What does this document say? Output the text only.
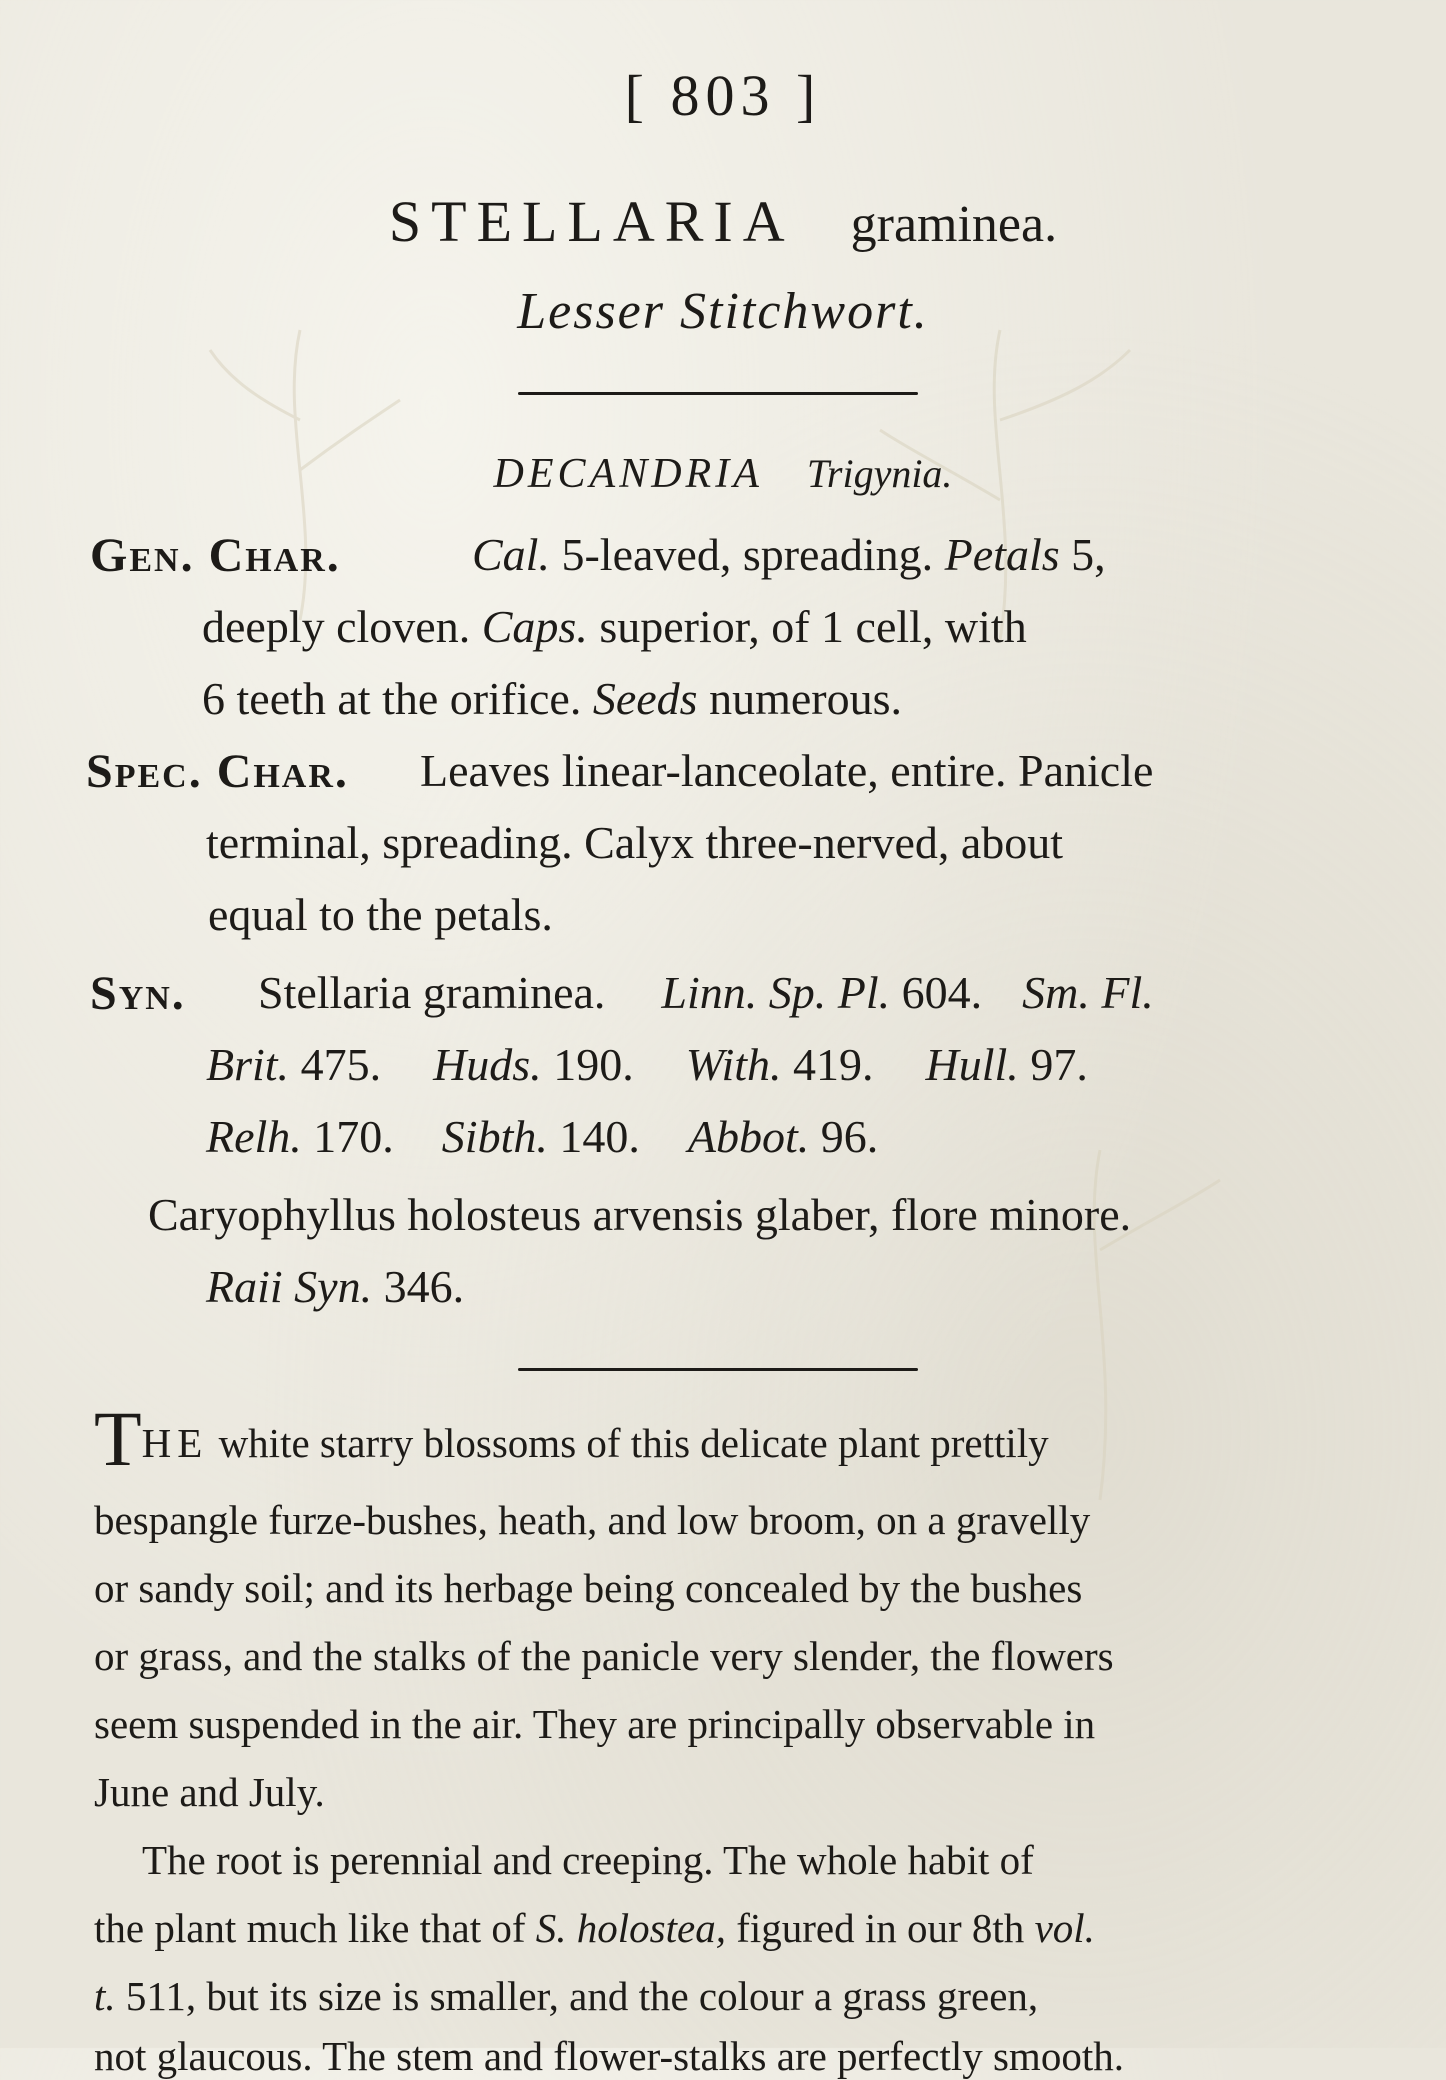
[ 803 ]
STELLARIA graminea.
Lesser Stitchwort.
DECANDRIA Trigynia.
Gen. Char.	Cal. 5-leaved, spreading. Petals 5,
deeply cloven. Caps. superior, of 1 cell, with
6 teeth at the orifice. Seeds numerous.
Spec. Char. Leaves linear-lanceolate, entire. Panicle
terminal, spreading. Calyx three-nerved, about
equal to the petals.
Syn. Stellaria graminea. Linn. Sp. Pl. 604. Sm. Fl.
Brit. 475. Huds. 190. With. 419. Hull. 97.
Relh. 170. Sibth. 140. Abbot. 96.
Caryophyllus holosteus arvensis glaber, flore minore.
Raii Syn. 346.
THE white starry blossoms of this delicate plant prettily
bespangle furze-bushes, heath, and low broom, on a gravelly
or sandy soil; and its herbage being concealed by the bushes
or grass, and the stalks of the panicle very slender, the flowers
seem suspended in the air. They are principally observable in
June and July.
The root is perennial and creeping. The whole habit of
the plant much like that of S. holostea, figured in our 8th vol.
t. 511, but its size is smaller, and the colour a grass green,
not glaucous. The stem and flower-stalks are perfectly smooth.
